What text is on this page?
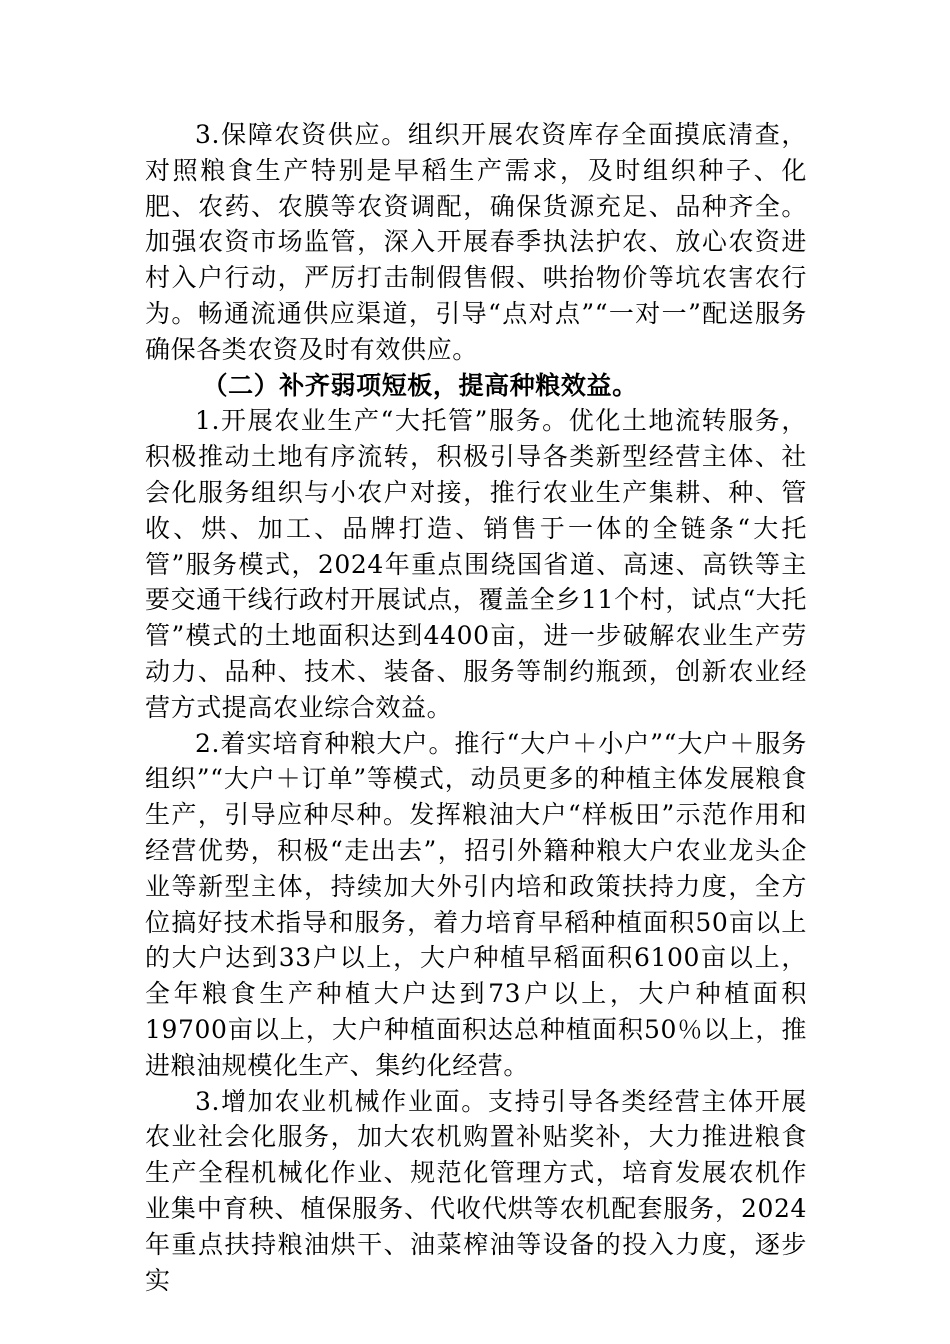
3.保障农资供应。组织开展农资库存全面摸底清查，对照粮食生产特别是早稻生产需求，及时组织种子、化肥、农药、农膜等农资调配，确保货源充足、品种齐全。加强农资市场监管，深入开展春季执法护农、放心农资进村入户行动，严厉打击制假售假、哄抬物价等坑农害农行为。畅通流通供应渠道，引导“点对点”“一对一”配送服务确保各类农资及时有效供应。

（二）补齐弱项短板，提高种粮效益。

1.开展农业生产“大托管”服务。优化土地流转服务，积极推动土地有序流转，积极引导各类新型经营主体、社会化服务组织与小农户对接，推行农业生产集耕、种、管收、烘、加工、品牌打造、销售于一体的全链条“大托管”服务模式，2024年重点围绕国省道、高速、高铁等主要交通干线行政村开展试点，覆盖全乡11个村，试点“大托管”模式的土地面积达到4400亩，进一步破解农业生产劳动力、品种、技术、装备、服务等制约瓶颈，创新农业经营方式提高农业综合效益。

2.着实培育种粮大户。推行“大户＋小户”“大户＋服务组织”“大户＋订单”等模式，动员更多的种植主体发展粮食生产，引导应种尽种。发挥粮油大户“样板田”示范作用和经营优势，积极“走出去”，招引外籍种粮大户农业龙头企业等新型主体，持续加大外引内培和政策扶持力度，全方位搞好技术指导和服务，着力培育早稻种植面积50亩以上的大户达到33户以上，大户种植早稻面积6100亩以上，全年粮食生产种植大户达到73户以上，大户种植面积19700亩以上，大户种植面积达总种植面积50％以上，推进粮油规模化生产、集约化经营。

3.增加农业机械作业面。支持引导各类经营主体开展农业社会化服务，加大农机购置补贴奖补，大力推进粮食生产全程机械化作业、规范化管理方式，培育发展农机作业集中育秧、植保服务、代收代烘等农机配套服务，2024年重点扶持粮油烘干、油菜榨油等设备的投入力度，逐步实
